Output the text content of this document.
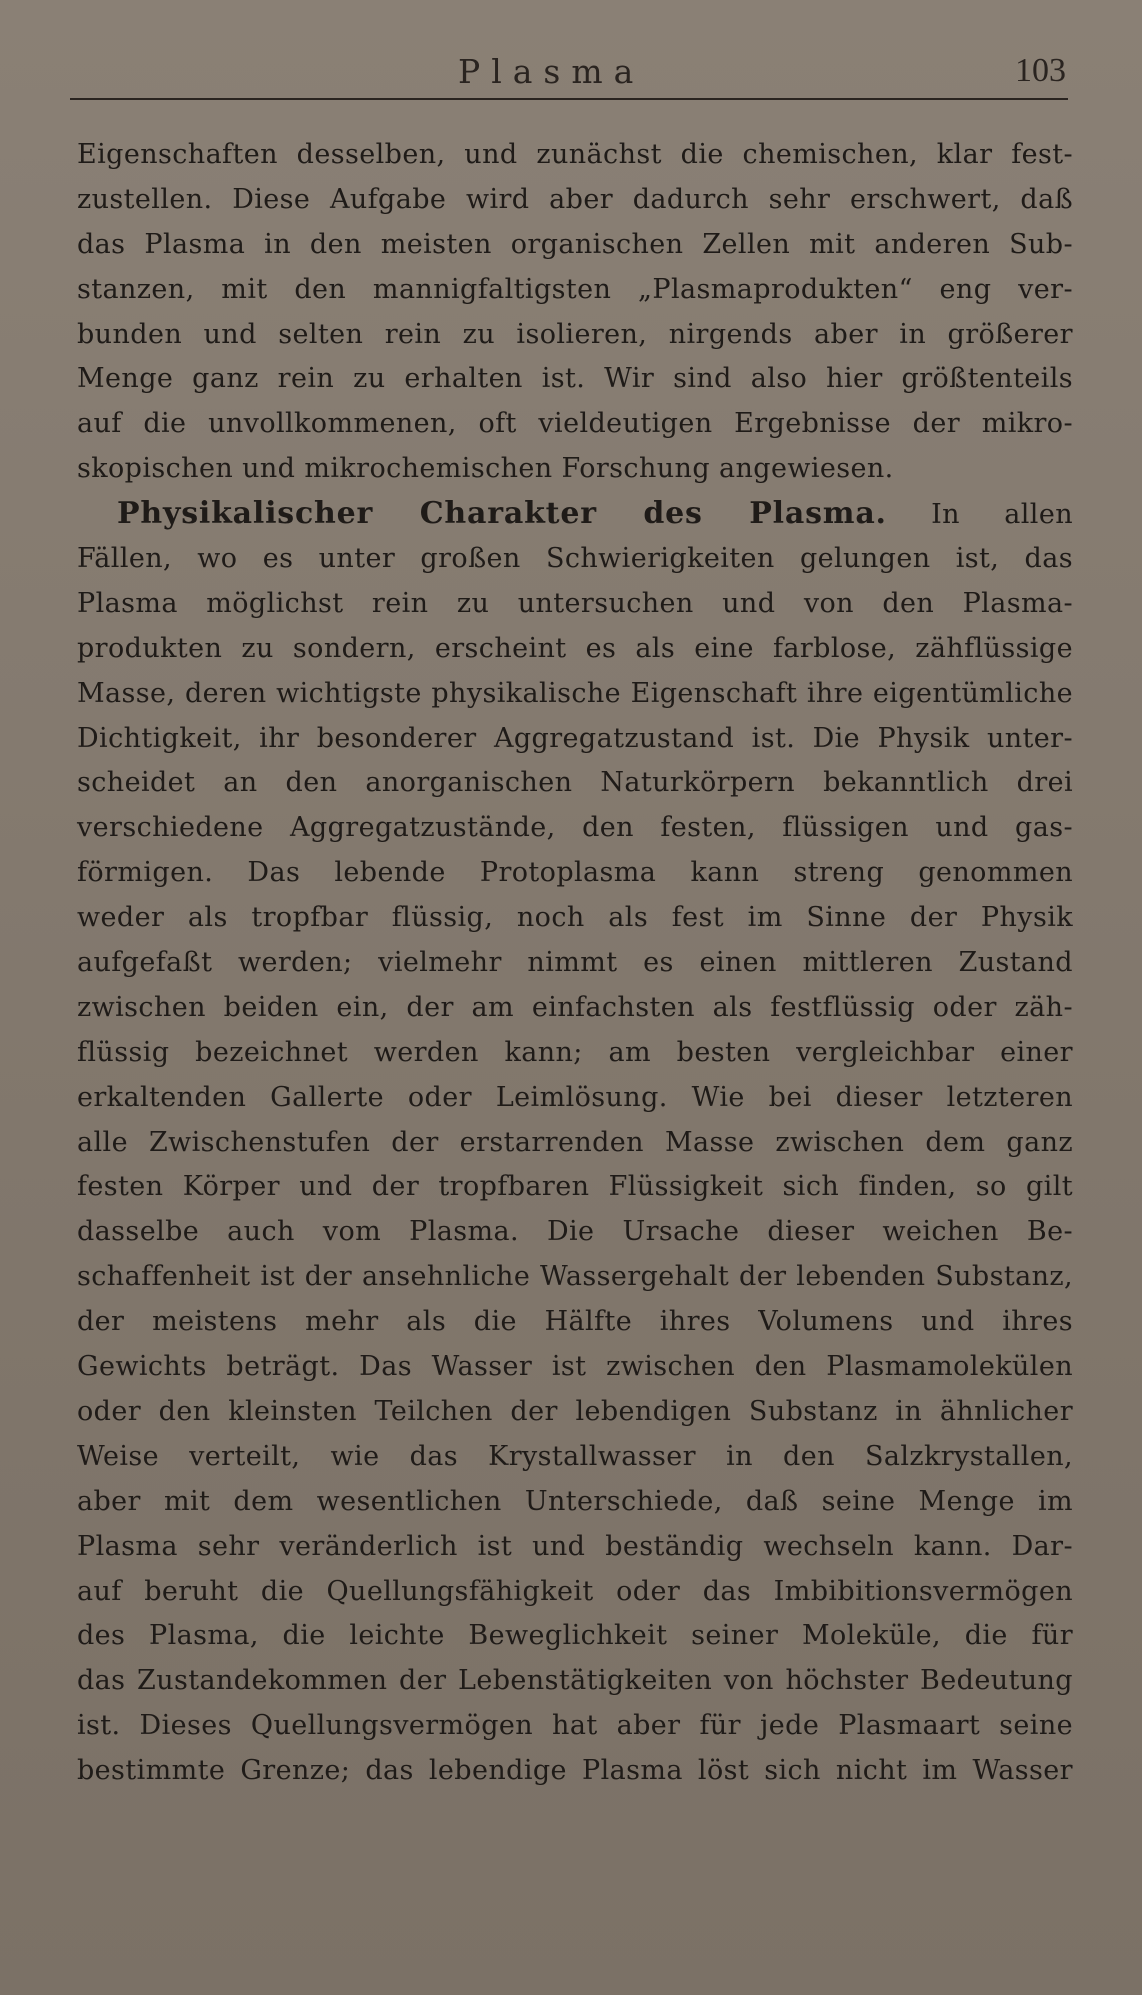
Plasma	103
Eigenschaften desselben, und zunächst die chemischen, klar fest-
zustellen. Diese Aufgabe wird aber dadurch sehr erschwert, daß
das Plasma in den meisten organischen Zellen mit anderen Sub-
stanzen, mit den mannigfaltigsten „Plasmaprodukten“ eng ver-
bunden und selten rein zu isolieren, nirgends aber in größerer
Menge ganz rein zu erhalten ist. Wir sind also hier größtenteils
auf die unvollkommenen, oft vieldeutigen Ergebnisse der mikro-
skopischen und mikrochemischen Forschung angewiesen.
Physikalischer Charakter des Plasma. In allen
Fällen, wo es unter großen Schwierigkeiten gelungen ist, das
Plasma möglichst rein zu untersuchen und von den Plasma-
produkten zu sondern, erscheint es als eine farblose, zähflüssige
Masse, deren wichtigste physikalische Eigenschaft ihre eigentümliche
Dichtigkeit, ihr besonderer Aggregatzustand ist. Die Physik unter-
scheidet an den anorganischen Naturkörpern bekanntlich drei
verschiedene Aggregatzustände, den festen, flüssigen und gas-
förmigen. Das lebende Protoplasma kann streng genommen
weder als tropfbar flüssig, noch als fest im Sinne der Physik
aufgefaßt werden; vielmehr nimmt es einen mittleren Zustand
zwischen beiden ein, der am einfachsten als festflüssig oder zäh-
flüssig bezeichnet werden kann; am besten vergleichbar einer
erkaltenden Gallerte oder Leimlösung. Wie bei dieser letzteren
alle Zwischenstufen der erstarrenden Masse zwischen dem ganz
festen Körper und der tropfbaren Flüssigkeit sich finden, so gilt
dasselbe auch vom Plasma. Die Ursache dieser weichen Be-
schaffenheit ist der ansehnliche Wassergehalt der lebenden Substanz,
der meistens mehr als die Hälfte ihres Volumens und ihres
Gewichts beträgt. Das Wasser ist zwischen den Plasmamolekülen
oder den kleinsten Teilchen der lebendigen Substanz in ähnlicher
Weise verteilt, wie das Krystallwasser in den Salzkrystallen,
aber mit dem wesentlichen Unterschiede, daß seine Menge im
Plasma sehr veränderlich ist und beständig wechseln kann. Dar-
auf beruht die Quellungsfähigkeit oder das Imbibitionsvermögen
des Plasma, die leichte Beweglichkeit seiner Moleküle, die für
das Zustandekommen der Lebenstätigkeiten von höchster Bedeutung
ist. Dieses Quellungsvermögen hat aber für jede Plasmaart seine
bestimmte Grenze; das lebendige Plasma löst sich nicht im Wasser
